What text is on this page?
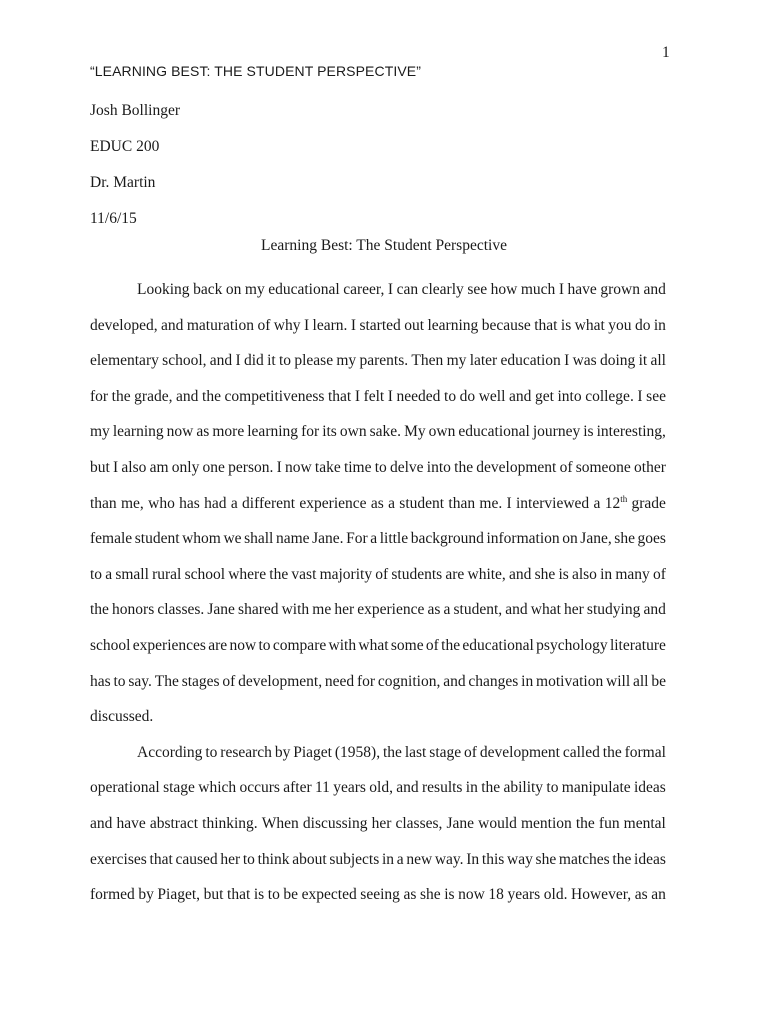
1
“LEARNING BEST: THE STUDENT PERSPECTIVE”
Josh Bollinger
EDUC 200
Dr. Martin
11/6/15
Learning Best: The Student Perspective
Looking back on my educational career, I can clearly see how much I have grown and
developed, and maturation of why I learn. I started out learning because that is what you do in
elementary school, and I did it to please my parents. Then my later education I was doing it all
for the grade, and the competitiveness that I felt I needed to do well and get into college. I see
my learning now as more learning for its own sake. My own educational journey is interesting,
but I also am only one person. I now take time to delve into the development of someone other
than me, who has had a different experience as a student than me. I interviewed a 12th grade
female student whom we shall name Jane. For a little background information on Jane, she goes
to a small rural school where the vast majority of students are white, and she is also in many of
the honors classes. Jane shared with me her experience as a student, and what her studying and
school experiences are now to compare with what some of the educational psychology literature
has to say. The stages of development, need for cognition, and changes in motivation will all be
discussed.
According to research by Piaget (1958), the last stage of development called the formal
operational stage which occurs after 11 years old, and results in the ability to manipulate ideas
and have abstract thinking. When discussing her classes, Jane would mention the fun mental
exercises that caused her to think about subjects in a new way. In this way she matches the ideas
formed by Piaget, but that is to be expected seeing as she is now 18 years old. However, as an
